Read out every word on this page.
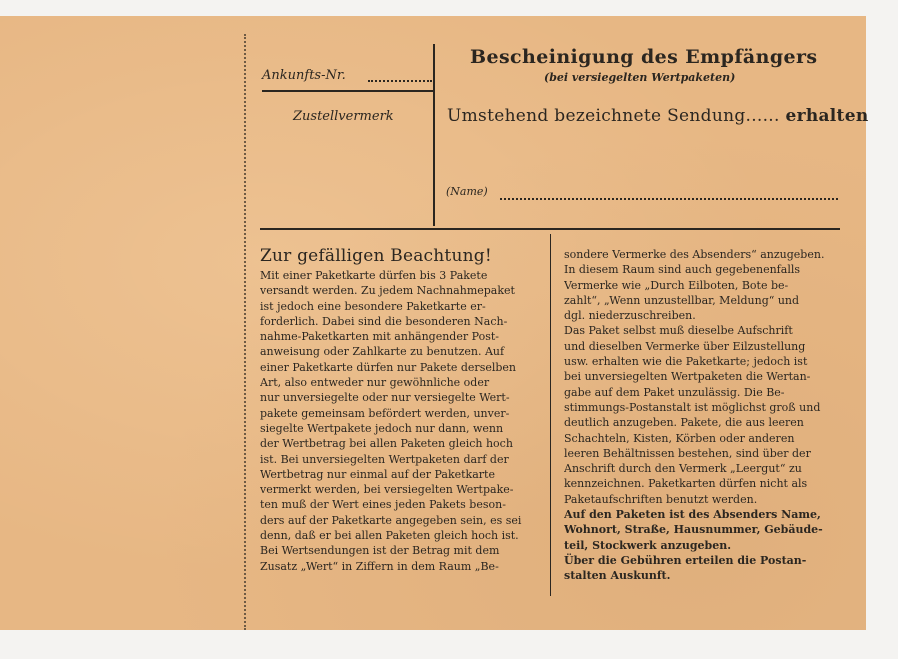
Bescheinigung des Empfängers
(bei versiegelten Wertpaketen)
Ankunfts-Nr.
Zustellvermerk	Umstehend bezeichnete Sendung...... erhalten
(Name)
Zur gefälligen Beachtung!
Mit einer Paketkarte dürfen bis 3 Pakete
versandt werden. Zu jedem Nachnahmepaket
ist jedoch eine besondere Paketkarte er-
forderlich. Dabei sind die besonderen Nach-
nahme-Paketkarten mit anhängender Post-
anweisung oder Zahlkarte zu benutzen. Auf
einer Paketkarte dürfen nur Pakete derselben
Art, also entweder nur gewöhnliche oder
nur unversiegelte oder nur versiegelte Wert-
pakete gemeinsam befördert werden, unver-
siegelte Wertpakete jedoch nur dann, wenn
der Wertbetrag bei allen Paketen gleich hoch
ist. Bei unversiegelten Wertpaketen darf der
Wertbetrag nur einmal auf der Paketkarte
vermerkt werden, bei versiegelten Wertpake-
ten muß der Wert eines jeden Pakets beson-
ders auf der Paketkarte angegeben sein, es sei
denn, daß er bei allen Paketen gleich hoch ist.
Bei Wertsendungen ist der Betrag mit dem
Zusatz „Wert“ in Ziffern in dem Raum „Be-
sondere Vermerke des Absenders“ anzugeben.
In diesem Raum sind auch gegebenenfalls
Vermerke wie „Durch Eilboten, Bote be-
zahlt“, „Wenn unzustellbar, Meldung“ und
dgl. niederzuschreiben.
Das Paket selbst muß dieselbe Aufschrift
und dieselben Vermerke über Eilzustellung
usw. erhalten wie die Paketkarte; jedoch ist
bei unversiegelten Wertpaketen die Wertan-
gabe auf dem Paket unzulässig. Die Be-
stimmungs-Postanstalt ist möglichst groß und
deutlich anzugeben. Pakete, die aus leeren
Schachteln, Kisten, Körben oder anderen
leeren Behältnissen bestehen, sind über der
Anschrift durch den Vermerk „Leergut“ zu
kennzeichnen. Paketkarten dürfen nicht als
Paketaufschriften benutzt werden.
Auf den Paketen ist des Absenders Name,
Wohnort, Straße, Hausnummer, Gebäude-
teil, Stockwerk anzugeben.
Über die Gebühren erteilen die Postan-
stalten Auskunft.
